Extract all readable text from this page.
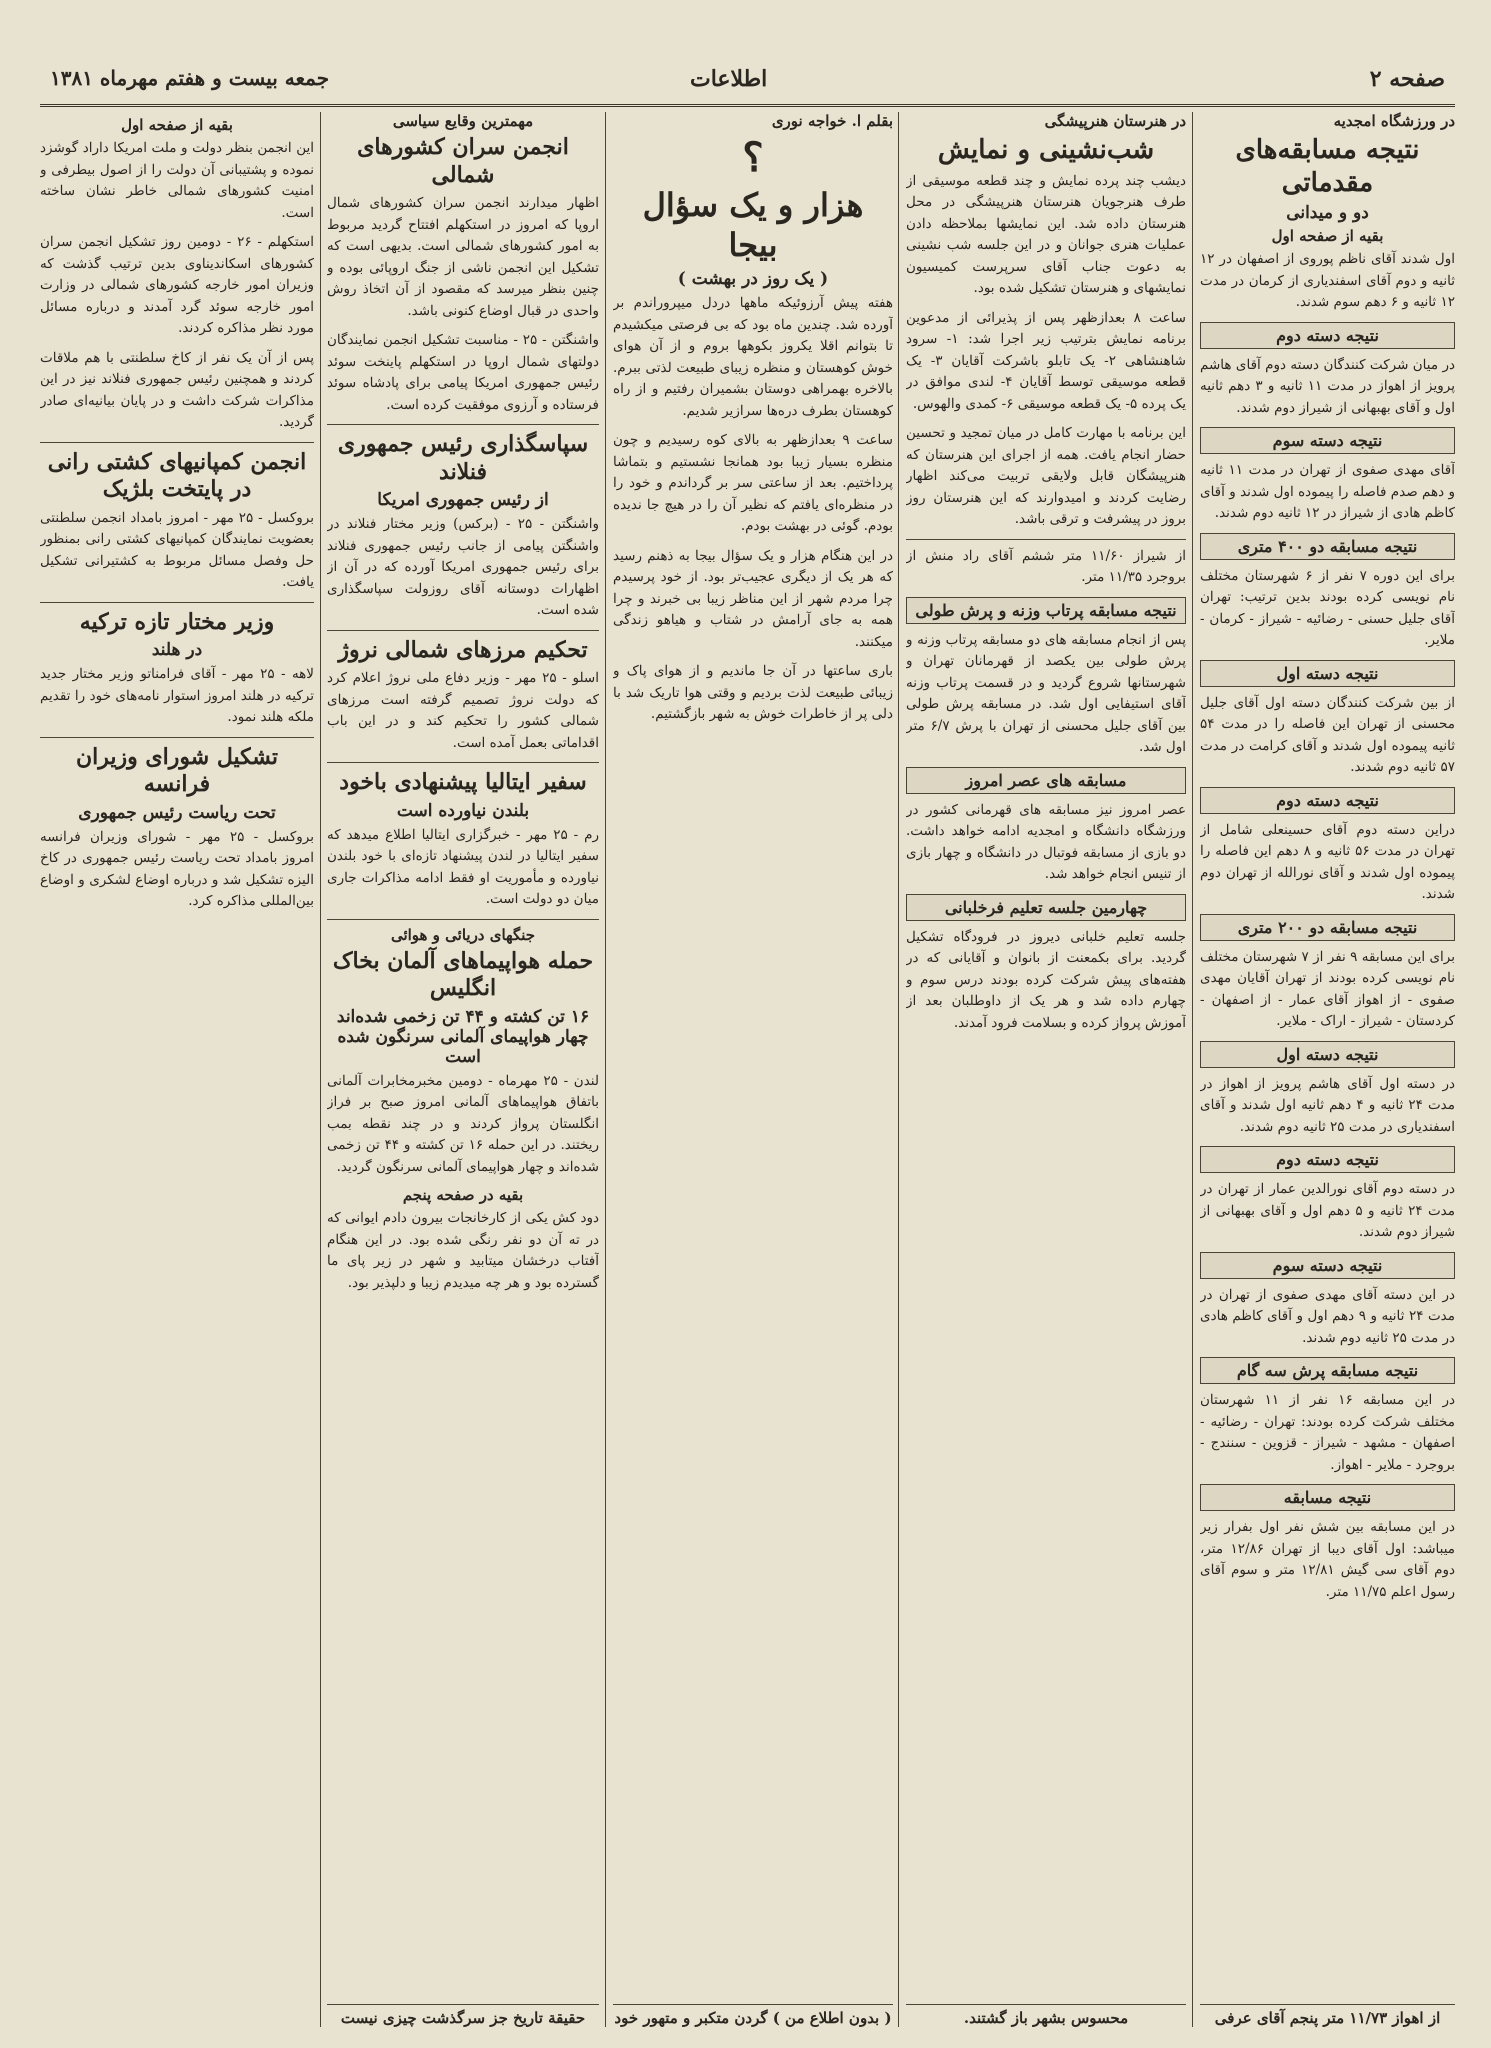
صفحه ۲
اطلاعات
جمعه بیست و هفتم مهرماه ۱۳۸۱
در ورزشگاه امجدیه
نتیجه مسابقه‌های مقدماتی
دو و میدانی
بقیه از صفحه اول
اول شدند آقای ناظم پوروی از اصفهان در ۱۲ ثانیه و دوم آقای اسفندیاری از کرمان در مدت ۱۲ ثانیه و ۶ دهم سوم شدند.
نتیجه دسته دوم
در میان شرکت کنندگان دسته دوم آقای هاشم پرویز از اهواز در مدت ۱۱ ثانیه و ۳ دهم ثانیه اول و آقای بهبهانی از شیراز دوم شدند.
نتیجه دسته سوم
آقای مهدی صفوی از تهران در مدت ۱۱ ثانیه و دهم صدم فاصله را پیموده اول شدند و آقای کاظم هادی از شیراز در ۱۲ ثانیه دوم شدند.
نتیجه مسابقه دو ۴۰۰ متری
برای این دوره ۷ نفر از ۶ شهرستان مختلف نام نویسی کرده بودند بدین ترتیب: تهران آقای جلیل حسنی - رضائیه - شیراز - کرمان - ملایر.
نتیجه دسته اول
از بین شرکت کنندگان دسته اول آقای جلیل محسنی از تهران این فاصله را در مدت ۵۴ ثانیه پیموده اول شدند و آقای کرامت در مدت ۵۷ ثانیه دوم شدند.
نتیجه دسته دوم
دراین دسته دوم آقای حسینعلی شامل از تهران در مدت ۵۶ ثانیه و ۸ دهم این فاصله را پیموده اول شدند و آقای نورالله از تهران دوم شدند.
نتیجه مسابقه دو ۲۰۰ متری
برای این مسابقه ۹ نفر از ۷ شهرستان مختلف نام نویسی کرده بودند از تهران آقایان مهدی صفوی - از اهواز آقای عمار - از اصفهان - کردستان - شیراز - اراک - ملایر.
نتیجه دسته اول
در دسته اول آقای هاشم پرویز از اهواز در مدت ۲۴ ثانیه و ۴ دهم ثانیه اول شدند و آقای اسفندیاری در مدت ۲۵ ثانیه دوم شدند.
نتیجه دسته دوم
در دسته دوم آقای نورالدین عمار از تهران در مدت ۲۴ ثانیه و ۵ دهم اول و آقای بهبهانی از شیراز دوم شدند.
نتیجه دسته سوم
در این دسته آقای مهدی صفوی از تهران در مدت ۲۴ ثانیه و ۹ دهم اول و آقای کاظم هادی در مدت ۲۵ ثانیه دوم شدند.
نتیجه مسابقه پرش سه گام
در این مسابقه ۱۶ نفر از ۱۱ شهرستان مختلف شرکت کرده بودند: تهران - رضائیه - اصفهان - مشهد - شیراز - قزوین - سنندج - بروجرد - ملایر - اهواز.
نتیجه مسابقه
در این مسابقه بین شش نفر اول بفرار زیر میباشد: اول آقای دیبا از تهران ۱۲/۸۶ متر، دوم آقای سی گیش ۱۲/۸۱ متر و سوم آقای رسول اعلم ۱۱/۷۵ متر.
از اهواز ۱۱/۷۳ متر پنجم آقای عرفی
در هنرستان هنرپیشگی
شب‌نشینی و نمایش
دیشب چند پرده نمایش و چند قطعه موسیقی از طرف هنرجویان هنرستان هنرپیشگی در محل هنرستان داده شد. این نمایشها بملاحظه دادن عملیات هنری جوانان و در این جلسه شب نشینی به دعوت جناب آقای سرپرست کمیسیون نمایشهای و هنرستان تشکیل شده بود.
ساعت ۸ بعدازظهر پس از پذیرائی از مدعوین برنامه نمایش بترتیب زیر اجرا شد: ۱- سرود شاهنشاهی ۲- یک تابلو باشرکت آقایان ۳- یک قطعه موسیقی توسط آقایان ۴- لندی موافق در یک پرده ۵- یک قطعه موسیقی ۶- کمدی والهوس.
این برنامه با مهارت کامل در میان تمجید و تحسین حضار انجام یافت. همه از اجرای این هنرستان که هنرپیشگان قابل ولایقی تربیت می‌کند اظهار رضایت کردند و امیدوارند که این هنرستان روز بروز در پیشرفت و ترقی باشد.
از شیراز ۱۱/۶۰ متر ششم آقای راد منش از بروجرد ۱۱/۳۵ متر.
نتیجه مسابقه پرتاب وزنه و پرش طولی
پس از انجام مسابقه های دو مسابقه پرتاب وزنه و پرش طولی بین یکصد از قهرمانان تهران و شهرستانها شروع گردید و در قسمت پرتاب وزنه آقای استیفایی اول شد. در مسابقه پرش طولی بین آقای جلیل محسنی از تهران با پرش ۶/۷ متر اول شد.
مسابقه های عصر امروز
عصر امروز نیز مسابقه های قهرمانی کشور در ورزشگاه دانشگاه و امجدیه ادامه خواهد داشت. دو بازی از مسابقه فوتبال در دانشگاه و چهار بازی از تنیس انجام خواهد شد.
چهارمین جلسه تعلیم فرخلبانی
جلسه تعلیم خلبانی دیروز در فرودگاه تشکیل گردید. برای بکمعنت از بانوان و آقایانی که در هفته‌های پیش شرکت کرده بودند درس سوم و چهارم داده شد و هر یک از داوطلبان بعد از آموزش پرواز کرده و بسلامت فرود آمدند.
محسوس بشهر باز گشتند.
بقلم ا. خواجه نوری
؟
هزار و یک سؤال بیجا
( یک روز در بهشت )
هفته پیش آرزوئیکه ماهها دردل میپروراندم بر آورده شد. چندین ماه بود که بی فرصتی میکشیدم تا بتوانم اقلا یکروز بکوهها بروم و از آن هوای خوش کوهستان و منظره زیبای طبیعت لذتی ببرم. بالاخره بهمراهی دوستان بشمیران رفتیم و از راه کوهستان بطرف دره‌ها سرازیر شدیم.
ساعت ۹ بعدازظهر به بالای کوه رسیدیم و چون منظره بسیار زیبا بود همانجا نشستیم و بتماشا پرداختیم. بعد از ساعتی سر بر گرداندم و خود را در منظره‌ای یافتم که نظیر آن را در هیچ جا ندیده بودم. گوئی در بهشت بودم.
در این هنگام هزار و یک سؤال بیجا به ذهنم رسید که هر یک از دیگری عجیب‌تر بود. از خود پرسیدم چرا مردم شهر از این مناظر زیبا بی خبرند و چرا همه به جای آرامش در شتاب و هیاهو زندگی میکنند.
باری ساعتها در آن جا ماندیم و از هوای پاک و زیبائی طبیعت لذت بردیم و وقتی هوا تاریک شد با دلی پر از خاطرات خوش به شهر بازگشتیم.
( بدون اطلاع من ) گردن متکبر و متهور خود
مهمترین وقایع سیاسی
انجمن سران کشورهای شمالی
اظهار میدارند انجمن سران کشورهای شمال اروپا که امروز در استکهلم افتتاح گردید مربوط به امور کشورهای شمالی است. بدیهی است که تشکیل این انجمن ناشی از جنگ اروپائی بوده و چنین بنظر میرسد که مقصود از آن اتخاذ روش واحدی در قبال اوضاع کنونی باشد.
واشنگتن - ۲۵ - مناسبت تشکیل انجمن نمایندگان دولتهای شمال اروپا در استکهلم پاینخت سوئد رئیس جمهوری امریکا پیامی برای پادشاه سوئد فرستاده و آرزوی موفقیت کرده است.
سپاسگذاری رئیس جمهوری فنلاند
از رئیس جمهوری امریکا
واشنگتن - ۲۵ - (برکس) وزیر مختار فنلاند در واشنگتن پیامی از جانب رئیس جمهوری فنلاند برای رئیس جمهوری امریکا آورده که در آن از اظهارات دوستانه آقای روزولت سپاسگذاری شده است.
تحکیم مرزهای شمالی نروژ
اسلو - ۲۵ مهر - وزیر دفاع ملی نروژ اعلام کرد که دولت نروژ تصمیم گرفته است مرزهای شمالی کشور را تحکیم کند و در این باب اقداماتی بعمل آمده است.
سفیر ایتالیا پیشنهادی باخود
بلندن نیاورده است
رم - ۲۵ مهر - خبرگزاری ایتالیا اطلاع میدهد که سفیر ایتالیا در لندن پیشنهاد تازه‌ای با خود بلندن نیاورده و مأموریت او فقط ادامه مذاکرات جاری میان دو دولت است.
جنگهای دریائی و هوائی
حمله هواپیماهای آلمان بخاک انگلیس
۱۶ تن کشته و ۴۴ تن زخمی شده‌اند چهار هواپیمای آلمانی سرنگون شده است
لندن - ۲۵ مهرماه - دومین مخبرمخابرات آلمانی باتفاق هواپیماهای آلمانی امروز صبح بر فراز انگلستان پرواز کردند و در چند نقطه بمب ریختند. در این حمله ۱۶ تن کشته و ۴۴ تن زخمی شده‌اند و چهار هواپیمای آلمانی سرنگون گردید.
بقیه در صفحه پنجم
دود کش یکی از کارخانجات بیرون دادم ایوانی که در ته آن دو نفر رنگی شده بود. در این هنگام آفتاب درخشان میتابید و شهر در زیر پای ما گسترده بود و هر چه میدیدم زیبا و دلپذیر بود.
حقیقة تاریخ جز سرگذشت چیزی نیست
بقیه از صفحه اول
این انجمن بنظر دولت و ملت امریکا داراد گوشزد نموده و پشتیبانی آن دولت را از اصول بیطرفی و امنیت کشورهای شمالی خاطر نشان ساخته است.
استکهلم - ۲۶ - دومین روز تشکیل انجمن سران کشورهای اسکاندیناوی بدین ترتیب گذشت که وزیران امور خارجه کشورهای شمالی در وزارت امور خارجه سوئد گرد آمدند و درباره مسائل مورد نظر مذاکره کردند.
پس از آن یک نفر از کاخ سلطنتی با هم ملاقات کردند و همچنین رئیس جمهوری فنلاند نیز در این مذاکرات شرکت داشت و در پایان بیانیه‌ای صادر گردید.
انجمن کمپانیهای کشتی رانی در پایتخت بلژیک
بروکسل - ۲۵ مهر - امروز بامداد انجمن سلطنتی بعضویت نمایندگان کمپانیهای کشتی رانی بمنظور حل وفصل مسائل مربوط به کشتیرانی تشکیل یافت.
وزیر مختار تازه ترکیه
در هلند
لاهه - ۲۵ مهر - آقای فرامناتو وزیر مختار جدید ترکیه در هلند امروز استوار نامه‌های خود را تقدیم ملکه هلند نمود.
تشکیل شورای وزیران فرانسه
تحت ریاست رئیس جمهوری
بروکسل - ۲۵ مهر - شورای وزیران فرانسه امروز بامداد تحت ریاست رئیس جمهوری در کاخ الیزه تشکیل شد و درباره اوضاع لشکری و اوضاع بین‌المللی مذاکره کرد.
